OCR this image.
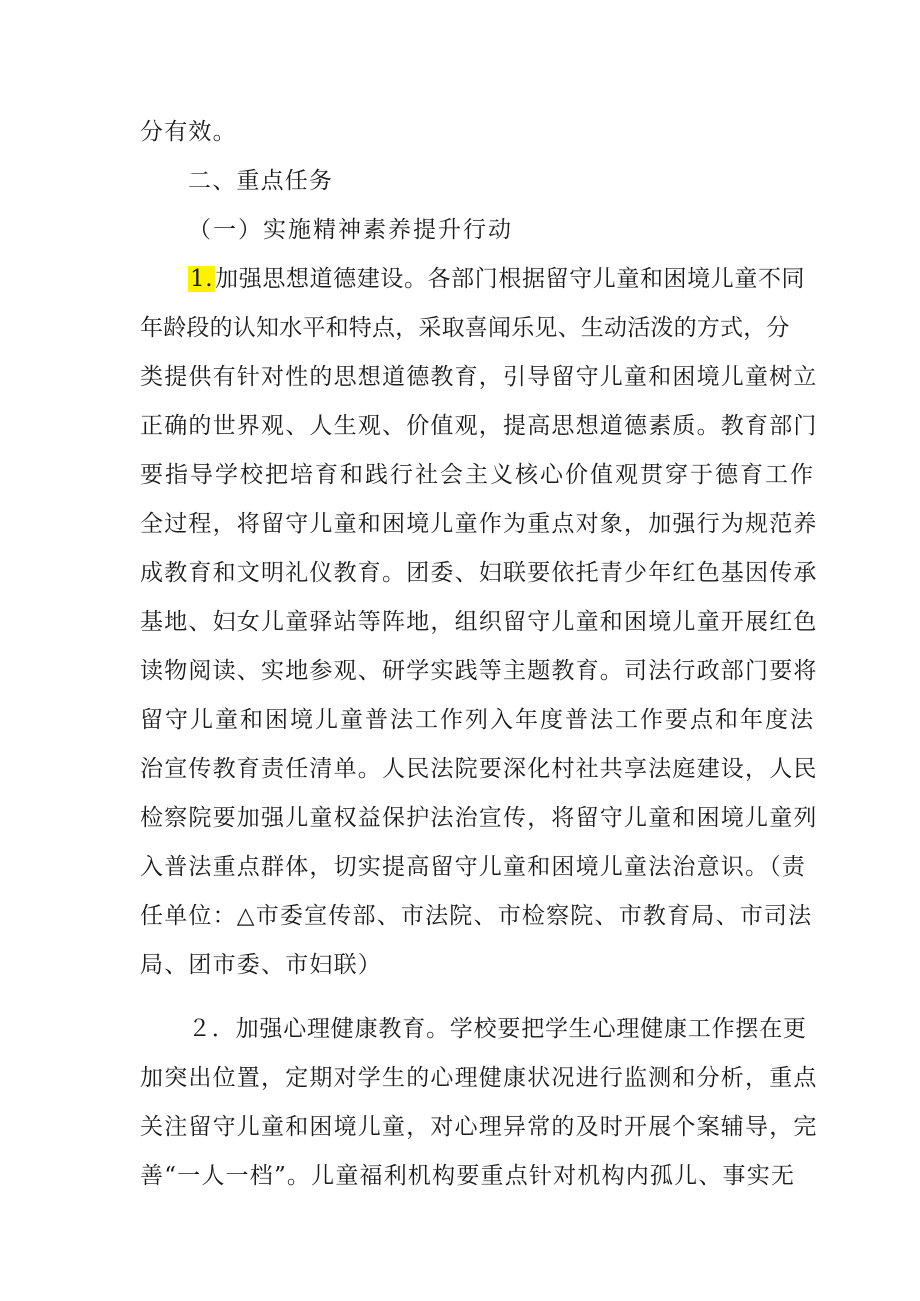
分有效。
二、重点任务
（一）实施精神素养提升行动
1.加强思想道德建设。各部门根据留守儿童和困境儿童不同
年龄段的认知水平和特点，采取喜闻乐见、生动活泼的方式，分
类提供有针对性的思想道德教育，引导留守儿童和困境儿童树立
正确的世界观、人生观、价值观，提高思想道德素质。教育部门
要指导学校把培育和践行社会主义核心价值观贯穿于德育工作
全过程，将留守儿童和困境儿童作为重点对象，加强行为规范养
成教育和文明礼仪教育。团委、妇联要依托青少年红色基因传承
基地、妇女儿童驿站等阵地，组织留守儿童和困境儿童开展红色
读物阅读、实地参观、研学实践等主题教育。司法行政部门要将
留守儿童和困境儿童普法工作列入年度普法工作要点和年度法
治宣传教育责任清单。人民法院要深化村社共享法庭建设，人民
检察院要加强儿童权益保护法治宣传，将留守儿童和困境儿童列
入普法重点群体，切实提高留守儿童和困境儿童法治意识。（责
任单位：△市委宣传部、市法院、市检察院、市教育局、市司法
局、团市委、市妇联）
２．加强心理健康教育。学校要把学生心理健康工作摆在更
加突出位置，定期对学生的心理健康状况进行监测和分析，重点
关注留守儿童和困境儿童，对心理异常的及时开展个案辅导，完
善“一人一档”。儿童福利机构要重点针对机构内孤儿、事实无
